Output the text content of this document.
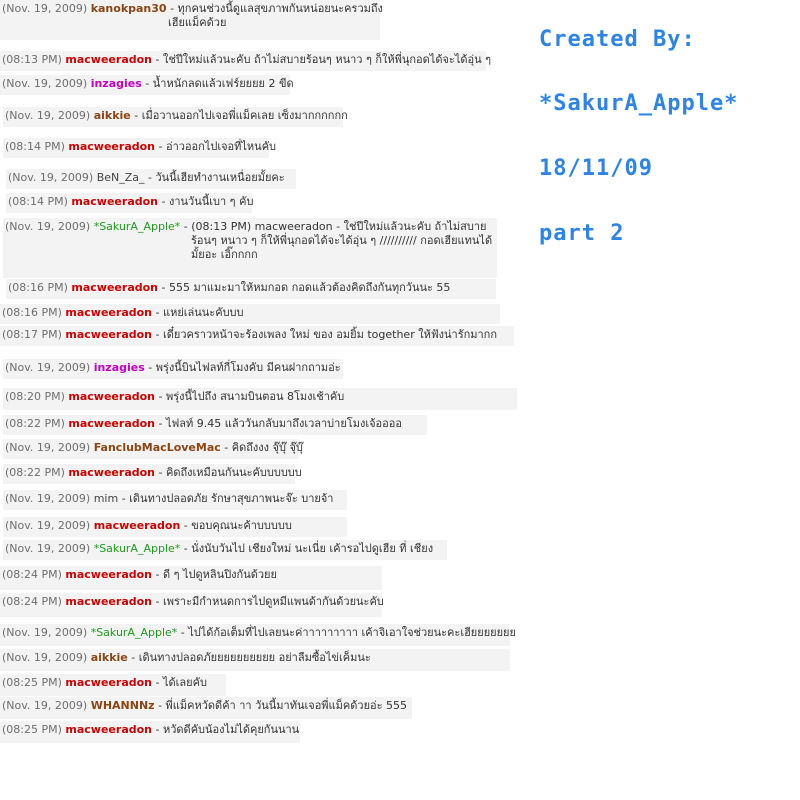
(Nov. 19, 2009) kanokpan30 - ทุกคนช่วงนี้ดูแลสุขภาพกันหน่อยนะครวมถึง
เฮียแม็คด้วย
(08:13 PM) macweeradon - ใช่ปีใหม่แล้วนะคับ ถ้าไม่สบายร้อนๆ หนาว ๆ ก็ให้พี่นุกอดได้จะได้อุ่น ๆ
(Nov. 19, 2009) inzagies - น้ำหนักลดแล้วเฟร์ยยยย 2 ขีด
(Nov. 19, 2009) aikkie - เมื่อวานออกไปเจอพี่แม็คเลย เซ็งมากกกกกก
(08:14 PM) macweeradon - อ่าวออกไปเจอที่ไหนคับ
(Nov. 19, 2009) BeN_Za_ - วันนี้เฮียทำงานเหนื่อยมั้ยคะ
(08:14 PM) macweeradon - งานวันนี้เบา ๆ คับ
(Nov. 19, 2009) *SakurA_Apple* - (08:13 PM) macweeradon - ใช่ปีใหม่แล้วนะคับ ถ้าไม่สบาย
ร้อนๆ หนาว ๆ ก็ให้พี่นุกอดได้จะได้อุ่น ๆ ////////// กอดเฮียแทนได้
มั้ยอะ เอิ๊กกกก
(08:16 PM) macweeradon - 555 มาแมะมาให้หมกอด กอดแล้วต้องคิดถึงกันทุกวันนะ 55
(08:16 PM) macweeradon - แหย่เล่นนะคับบบ
(08:17 PM) macweeradon - เดี๋ยวคราวหน้าจะร้องเพลง ใหม่ ของ อมยิ้ม together ให้ฟังน่ารักมากก
(Nov. 19, 2009) inzagies - พรุ่งนี้บินไฟลท์กี่โมงคับ มีคนฝากถามอ่ะ
(08:20 PM) macweeradon - พรุ่งนี้ไปถึง สนามบินตอน 8โมงเช้าคับ
(08:22 PM) macweeradon - ไฟลท์ 9.45 แล้ววันกลับมาถึงเวลาบ่ายโมงเจ้ออออ
(Nov. 19, 2009) FanclubMacLoveMac - คิดถึงงง จุ๊บุ๊ จุ๊บุ๊
(08:22 PM) macweeradon - คิดถึงเหมือนกันนะคับบบบบบ
(Nov. 19, 2009) mim - เดินทางปลอดภัย รักษาสุขภาพนะจ๊ะ บายจ้า
(Nov. 19, 2009) macweeradon - ขอบคุณนะค้าบบบบบ
(Nov. 19, 2009) *SakurA_Apple* - นั่งนับวันไป เชียงใหม่ นะเนี่ย เค้ารอไปดูเฮีย ที่ เชียง
(08:24 PM) macweeradon - ดี ๆ ไปดูหลินปิงกันด้วยย
(08:24 PM) macweeradon - เพราะมีกำหนดการไปดูหมีแพนด้ากันด้วยนะคับ
(Nov. 19, 2009) *SakurA_Apple* - ไปได้ก้อเต็มที่ไปเลยนะค่าาาาาาาาา เค้าจิเอาใจช่วยนะคะเฮียยยยยยย
(Nov. 19, 2009) aikkie - เดินทางปลอดภัยยยยยยยยยย อย่าลืมซื้อไข่เค็มนะ
(08:25 PM) macweeradon - ได้เลยคับ
(Nov. 19, 2009) WHANNNz - พี่แม็คหวัดดีค้า าา วันนี้มาทันเจอพี่แม็คด้วยอ่ะ 555
(08:25 PM) macweeradon - หวัดดีคับน้องไม่ได้คุยกันนาน
Created By:
*SakurA_Apple*
18/11/09
part 2
